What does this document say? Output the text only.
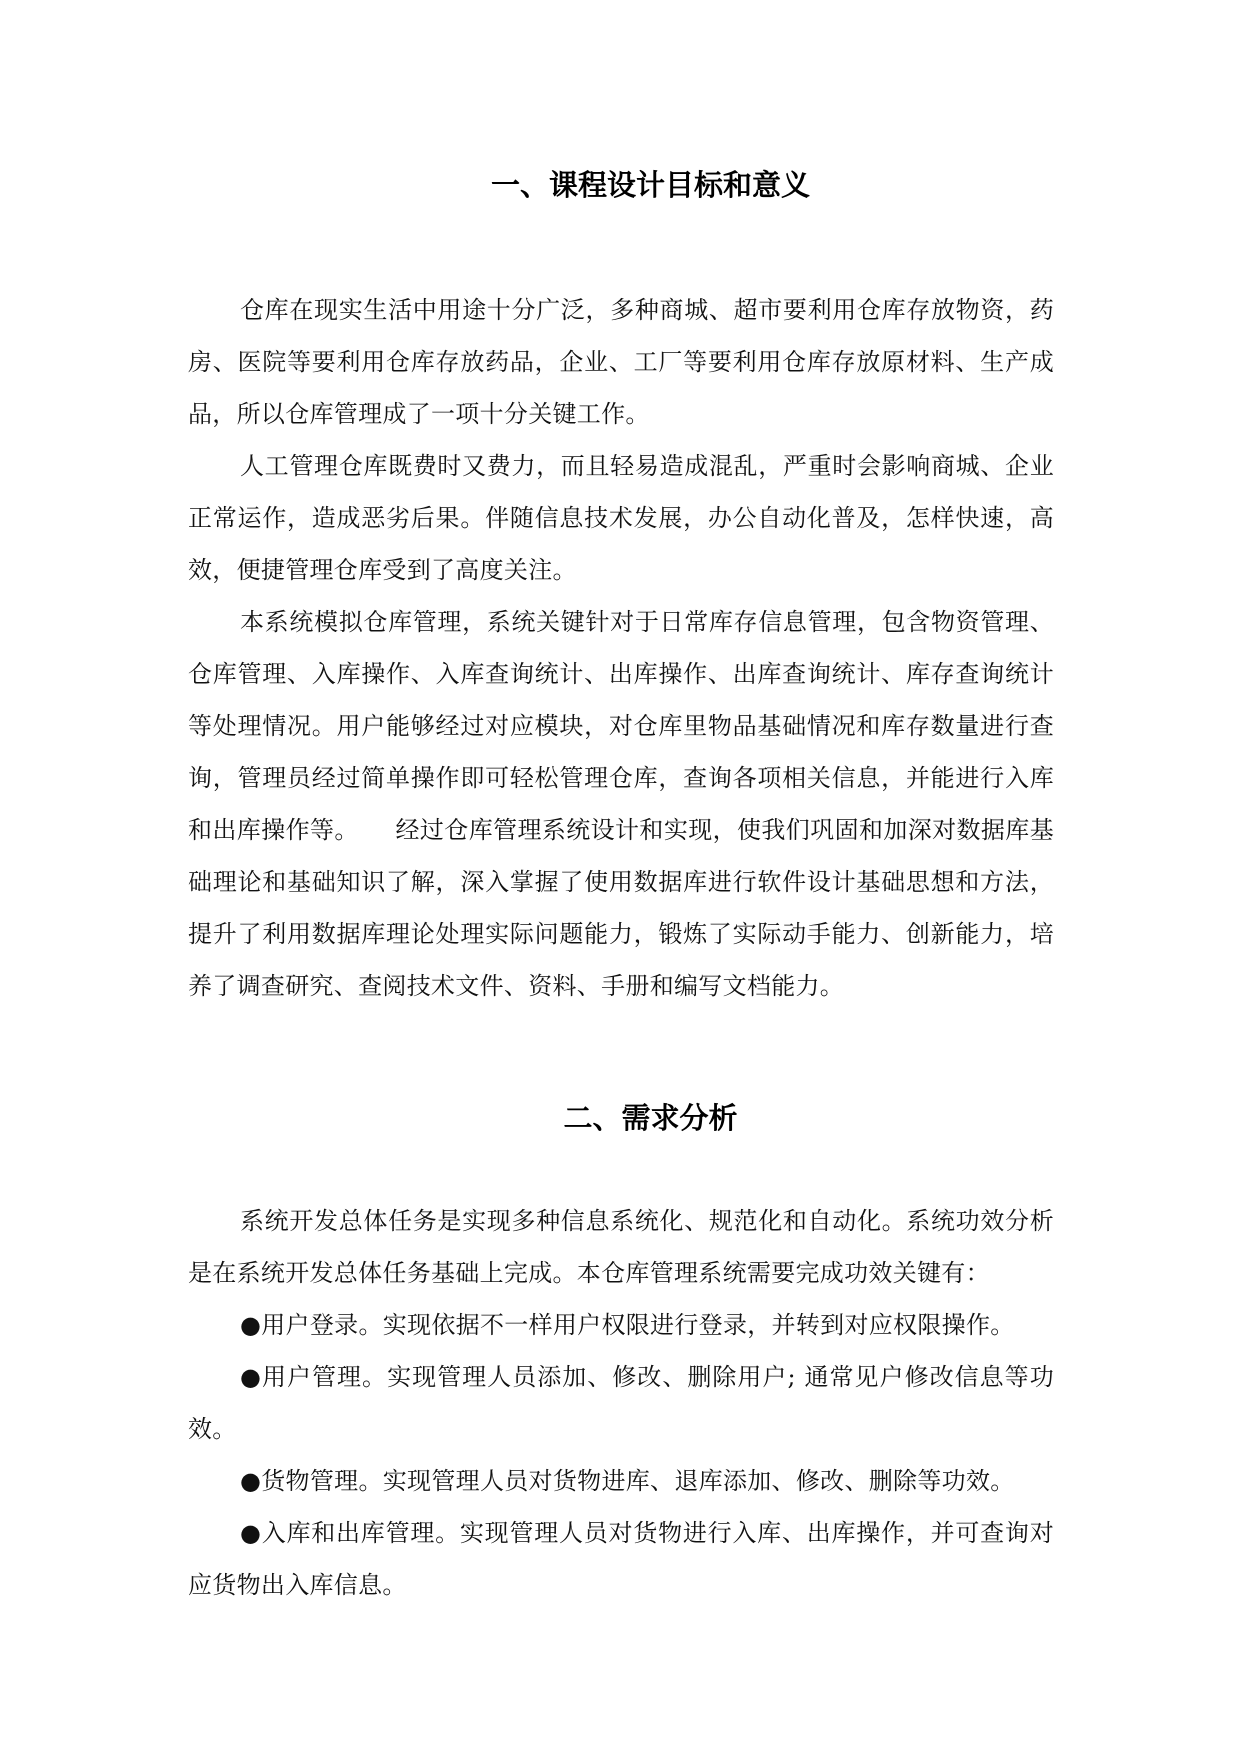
一、课程设计目标和意义

仓库在现实生活中用途十分广泛，多种商城、超市要利用仓库存放物资，药房、医院等要利用仓库存放药品，企业、工厂等要利用仓库存放原材料、生产成品，所以仓库管理成了一项十分关键工作。

人工管理仓库既费时又费力，而且轻易造成混乱，严重时会影响商城、企业正常运作，造成恶劣后果。伴随信息技术发展，办公自动化普及，怎样快速，高效，便捷管理仓库受到了高度关注。

本系统模拟仓库管理，系统关键针对于日常库存信息管理，包含物资管理、仓库管理、入库操作、入库查询统计、出库操作、出库查询统计、库存查询统计等处理情况。用户能够经过对应模块，对仓库里物品基础情况和库存数量进行查询，管理员经过简单操作即可轻松管理仓库，查询各项相关信息，并能进行入库和出库操作等。　　经过仓库管理系统设计和实现，使我们巩固和加深对数据库基础理论和基础知识了解，深入掌握了使用数据库进行软件设计基础思想和方法，提升了利用数据库理论处理实际问题能力，锻炼了实际动手能力、创新能力，培养了调查研究、查阅技术文件、资料、手册和编写文档能力。

二、需求分析

系统开发总体任务是实现多种信息系统化、规范化和自动化。系统功效分析是在系统开发总体任务基础上完成。本仓库管理系统需要完成功效关键有：

●用户登录。实现依据不一样用户权限进行登录，并转到对应权限操作。

●用户管理。实现管理人员添加、修改、删除用户; 通常见户修改信息等功效。

●货物管理。实现管理人员对货物进库、退库添加、修改、删除等功效。

●入库和出库管理。实现管理人员对货物进行入库、出库操作，并可查询对应货物出入库信息。
